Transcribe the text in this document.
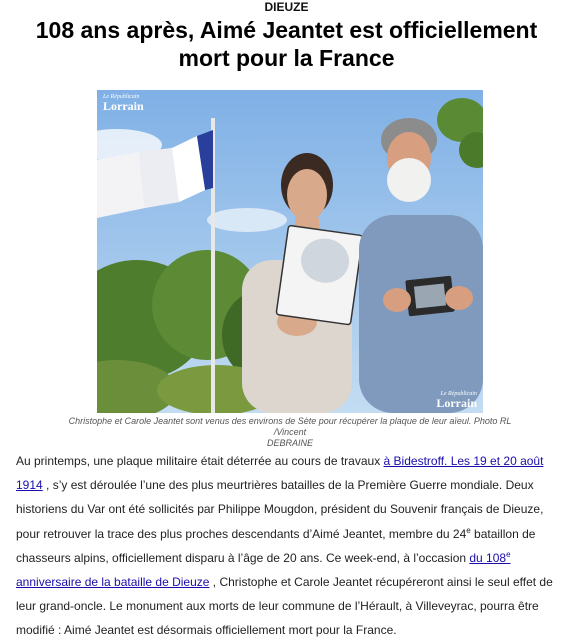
DIEUZE
108 ans après, Aimé Jeantet est officiellement
mort pour la France
Le Républicain
Lorrain
Le Républicain
Lorrain
Christophe et Carole Jeantet sont venus des environs de Sète pour récupérer la plaque de leur aïeul. Photo RL /Vincent
DEBRAINE
Au printemps, une plaque militaire était déterrée au cours de travaux à Bidestroff. Les 19 et 20 août 1914 , s’y est déroulée l’une des plus meurtrières batailles de la Première Guerre mondiale. Deux historiens du Var ont été sollicités par Philippe Mougdon, président du Souvenir français de Dieuze, pour retrouver la trace des plus proches descendants d’Aimé Jeantet, membre du 24e bataillon de chasseurs alpins, officiellement disparu à l’âge de 20 ans. Ce week-end, à l’occasion du 108e anniversaire de la bataille de Dieuze , Christophe et Carole Jeantet récupéreront ainsi le seul effet de leur grand-oncle. Le monument aux morts de leur commune de l’Hérault, à Villeveyrac, pourra être modifié : Aimé Jeantet est désormais officiellement mort pour la France.
